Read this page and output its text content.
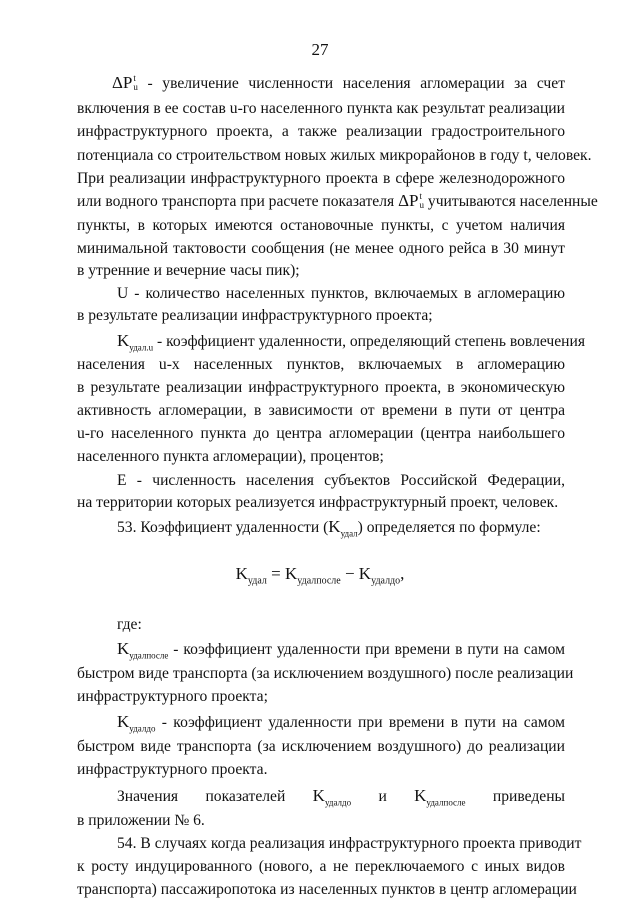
27
ΔP t
u - увеличение численности населения агломерации за счет
включения в ее состав u-го населенного пункта как результат реализации
инфраструктурного проекта, а также реализации градостроительного
потенциала со строительством новых жилых микрорайонов в году t, человек.
При реализации инфраструктурного проекта в сфере железнодорожного
или водного транспорта при расчете показателя ΔP t
u учитываются населенные
пункты, в которых имеются остановочные пункты, с учетом наличия
минимальной тактовости сообщения (не менее одного рейса в 30 минут
в утренние и вечерние часы пик);
U - количество населенных пунктов, включаемых в агломерацию
в результате реализации инфраструктурного проекта;
$K_{удал.u}$ - коэффициент удаленности, определяющий степень вовлечения
населения u-х населенных пунктов, включаемых в агломерацию
в результате реализации инфраструктурного проекта, в экономическую
активность агломерации, в зависимости от времени в пути от центра
u-го населенного пункта до центра агломерации (центра наибольшего
населенного пункта агломерации), процентов;
E - численность населения субъектов Российской Федерации,
на территории которых реализуется инфраструктурный проект, человек.
53. Коэффициент удаленности $(K_{удал})$ определяется по формуле:
$K_{удал} = K_{удалпосле} - K_{удалдо}$,
где:
$K_{удалпосле}$ - коэффициент удаленности при времени в пути на самом
быстром виде транспорта (за исключением воздушного) после реализации
инфраструктурного проекта;
$K_{удалдо}$ - коэффициент удаленности при времени в пути на самом
быстром виде транспорта (за исключением воздушного) до реализации
инфраструктурного проекта.
Значения показателей $K_{удалдо}$ и $K_{удалпосле}$ приведены
в приложении № 6.
54. В случаях когда реализация инфраструктурного проекта приводит
к росту индуцированного (нового, а не переключаемого с иных видов
транспорта) пассажиропотока из населенных пунктов в центр агломерации
